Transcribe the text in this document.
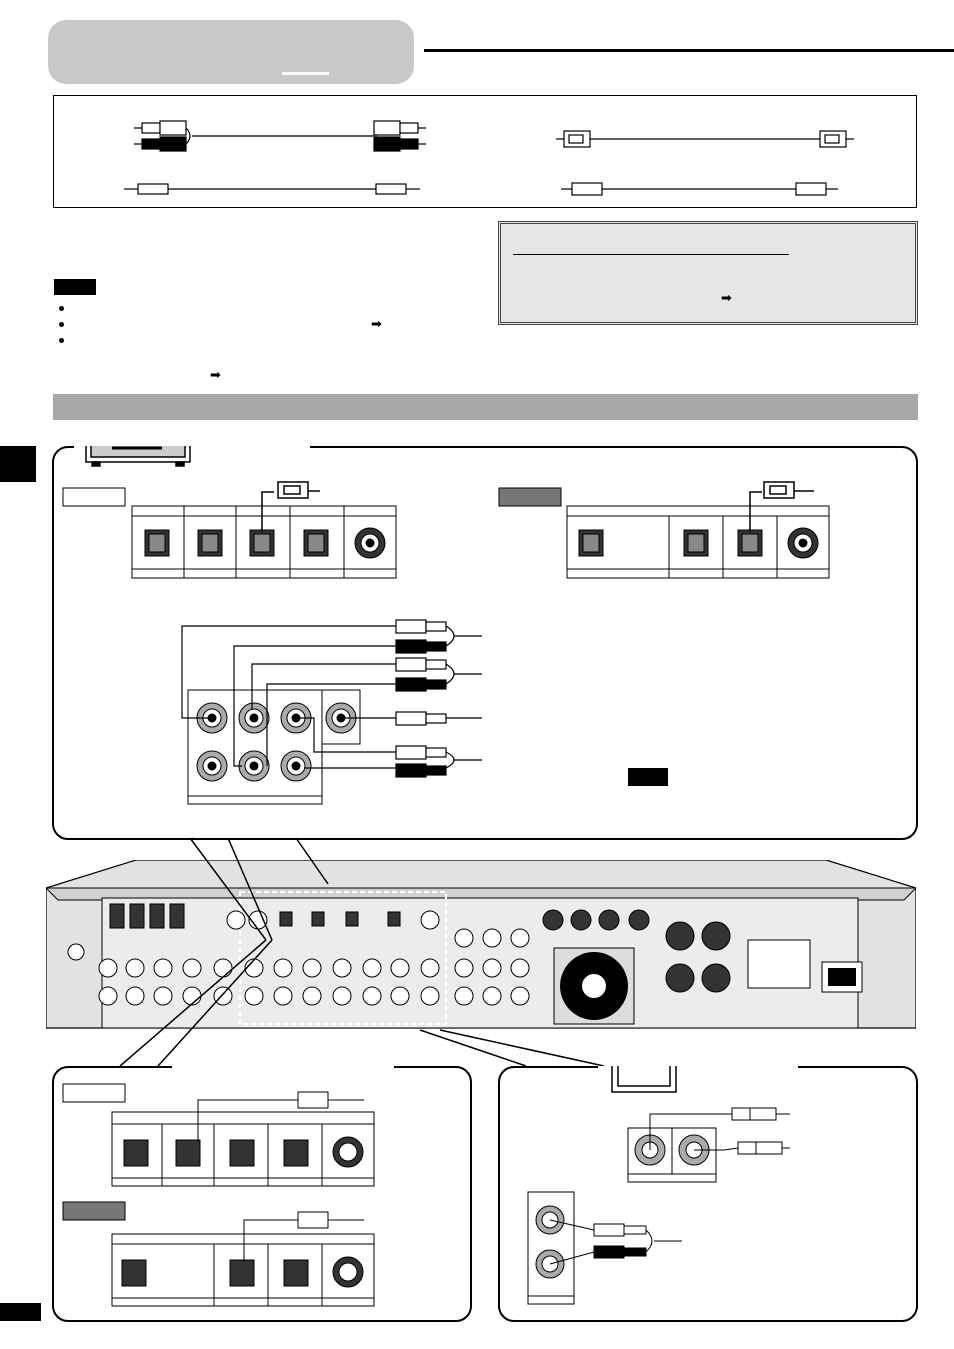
➡
➡
➡
